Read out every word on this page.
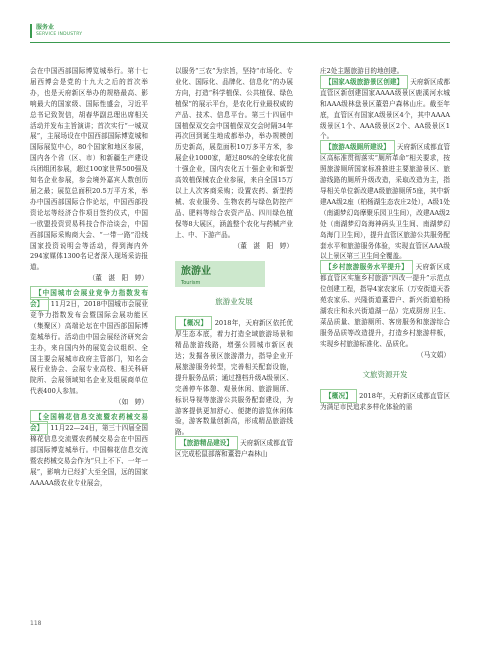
服务业
SERVICE INDUSTRY

会在中国西部国际博览城举行。第十七届西博会是党的十九大之后的首次举办，也是天府新区举办的规格最高、影响最大的国家级、国际性盛会，习近平总书记致贺信，胡春华副总理出席相关活动并发布主旨演讲；首次实行“一城双展”，主展场设在中国西部国际博览城和国际展览中心，80个国家和地区参展，国内各个省（区、市）和新疆生产建设兵团组团参展，超过100家世界500强及知名企业参展，参会境外嘉宾人数创历届之最；展览总面积20.5万平方米，举办中国西部国际合作论坛，中国西部投资论坛等经济合作项目签约仪式，中国一欧盟投资贸易科技合作洽谈会，中国西部国际采购商大会、“一带一路”沿线国家投资说明会等活动，得到海内外294家媒体1300名记者深入现场采访报道。

（董　湛　阳　婷）

【中国城市会展业竞争力指数发布会】 11月2日，2018中国城市会展业竞争力指数发布会暨国际会展功能区（集聚区）高端论坛在中国西部国际博览城举行。活动由中国会展经济研究会主办，来自国内外的展览会议组织、全国主要会展城市政府主管部门，知名会展行业协会、会展专业高校、相关科研院所、会展领域知名企业及组展商单位代表400人参加。

（如　婷）

【全国棉花信息交流暨农药械交易会】 11月22—24日，第三十四届全国棉花信息交流暨农药械交易会在中国西部国际博览城举行。中国棉花信息交流暨农药械交易会作为“只上不下、一年一展”，影响力已经扩大至全国，远的国家AAAAA级农业专业展会，

以服务“三农”为宗旨，坚持“市场化、专业化、国际化、品牌化、信息化”的办展方向，打造“科学植保、公共植保、绿色植保”的展示平台，是农化行业最权威的产品、技术、信息平台。第三十四届中国植保双交会中国植保双交会时隔34年再次回到诞生地成都举办，举办规模创历史新高，展览面积10万多平方米，参展企业1000家，超过80%的全球农化前十强企业，国内农化五十强企业和新型高效植保械农企业参展，来自全国15万以上人次客商采购；设置农药、新型药械、农业服务、生物农药与绿色防控产品、肥料等综合农资产品、四川绿色植保等8大展区，涵盖整个农化与药械产业上、中、下游产品。

（董　湛　阳　婷）

旅游业
Tourism
旅游业发展

【概况】 2018年，天府新区依托优厚生态本底，着力打造全域旅游场景和精品旅游线路，增强公园城市新区表达；发掘各景区旅游潜力，指导企业开展旅游服务转型，完善相关配套设施，提升服务品质；通过搜档升级A级景区、完善停车体憩、观景休闲、旅游厕所、标识导视等旅游公共服务配套建设，为游客提供更加舒心、便捷的游览休闲体验，游客数量创新高，形成精品旅游线路。

【旅游精品建设】 天府新区成都直管区完成松鼠部落和董碧户森林山

庄2处主题旅游目的地创建。

【国家A级旅游景区创建】 天府新区成都直管区新创建国家AAAA级景区鹿溪河水城和AAA级林盘景区董碧户森林山庄。截至年底，直管区有国家A级景区4个，其中AAAA级景区1个、AAA级景区2个、AA级景区1个。

【旅游A级厕所建设】 天府新区成都直管区高标准贯彻落实“厕所革命”相关要求，按照旅游厕所国家标准推进主要旅游景区、旅游线路的厕所升级改造，采取改造为主，指导相关单位新改建A级旅游厕所5座，其中新建AA级2座（柏杨湖生态农庄2处），A级1处（南湖梦幻岛摩聚乐园卫生间），改建AA级2处（南湖梦幻岛海神码头卫生间、南湖梦幻岛海门卫生间），提升直管区旅游公共服务配套水平和旅游服务体验，实现直管区AAA级以上景区第三卫生间全覆盖。

【乡村旅游服务水平提升】 天府新区成都直管区实施乡村旅游“四改一提升”示范点位创建工程，指导4家农家乐（万安街道天香苑农家乐、兴隆街道董碧户、新兴街道柏杨湖农庄和永兴街道湖一品）完成厨房卫生、菜品质量、旅游厕所、客房服务和旅游综合服务品质等改造提升，打造乡村旅游样板，实现乡村旅游标准化、品质化。

（马文娟）

文旅资源开发

【概况】 2018年，天府新区成都直管区为满足市民追求多样化体验的需

118
